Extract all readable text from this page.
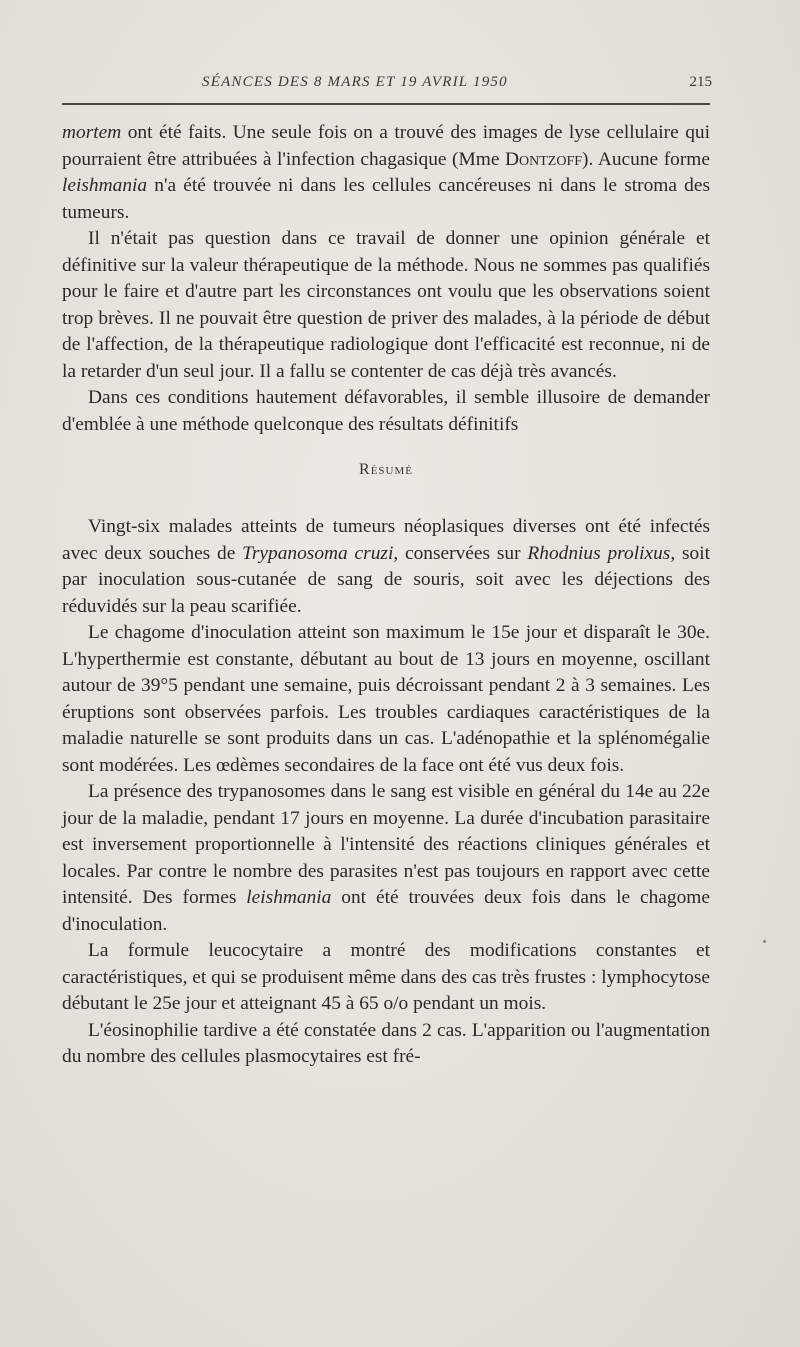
SÉANCES DES 8 MARS ET 19 AVRIL 1950	215

mortem ont été faits. Une seule fois on a trouvé des images de lyse cellulaire qui pourraient être attribuées à l'infection chagasique (Mme Dontzoff). Aucune forme leishmania n'a été trouvée ni dans les cellules cancéreuses ni dans le stroma des tumeurs.

Il n'était pas question dans ce travail de donner une opinion générale et définitive sur la valeur thérapeutique de la méthode. Nous ne sommes pas qualifiés pour le faire et d'autre part les circonstances ont voulu que les observations soient trop brèves. Il ne pouvait être question de priver des malades, à la période de début de l'affection, de la thérapeutique radiologique dont l'efficacité est reconnue, ni de la retarder d'un seul jour. Il a fallu se contenter de cas déjà très avancés.

Dans ces conditions hautement défavorables, il semble illusoire de demander d'emblée à une méthode quelconque des résultats définitifs

Résumé

Vingt-six malades atteints de tumeurs néoplasiques diverses ont été infectés avec deux souches de Trypanosoma cruzi, conservées sur Rhodnius prolixus, soit par inoculation sous-cutanée de sang de souris, soit avec les déjections des réduvidés sur la peau scarifiée.

Le chagome d'inoculation atteint son maximum le 15e jour et disparaît le 30e. L'hyperthermie est constante, débutant au bout de 13 jours en moyenne, oscillant autour de 39°5 pendant une semaine, puis décroissant pendant 2 à 3 semaines. Les éruptions sont observées parfois. Les troubles cardiaques caractéristiques de la maladie naturelle se sont produits dans un cas. L'adénopathie et la splénomégalie sont modérées. Les œdèmes secondaires de la face ont été vus deux fois.

La présence des trypanosomes dans le sang est visible en général du 14e au 22e jour de la maladie, pendant 17 jours en moyenne. La durée d'incubation parasitaire est inversement proportionnelle à l'intensité des réactions cliniques générales et locales. Par contre le nombre des parasites n'est pas toujours en rapport avec cette intensité. Des formes leishmania ont été trouvées deux fois dans le chagome d'inoculation.

La formule leucocytaire a montré des modifications constantes et caractéristiques, et qui se produisent même dans des cas très frustes : lymphocytose débutant le 25e jour et atteignant 45 à 65 o/o pendant un mois.

L'éosinophilie tardive a été constatée dans 2 cas. L'apparition ou l'augmentation du nombre des cellules plasmocytaires est fré-
